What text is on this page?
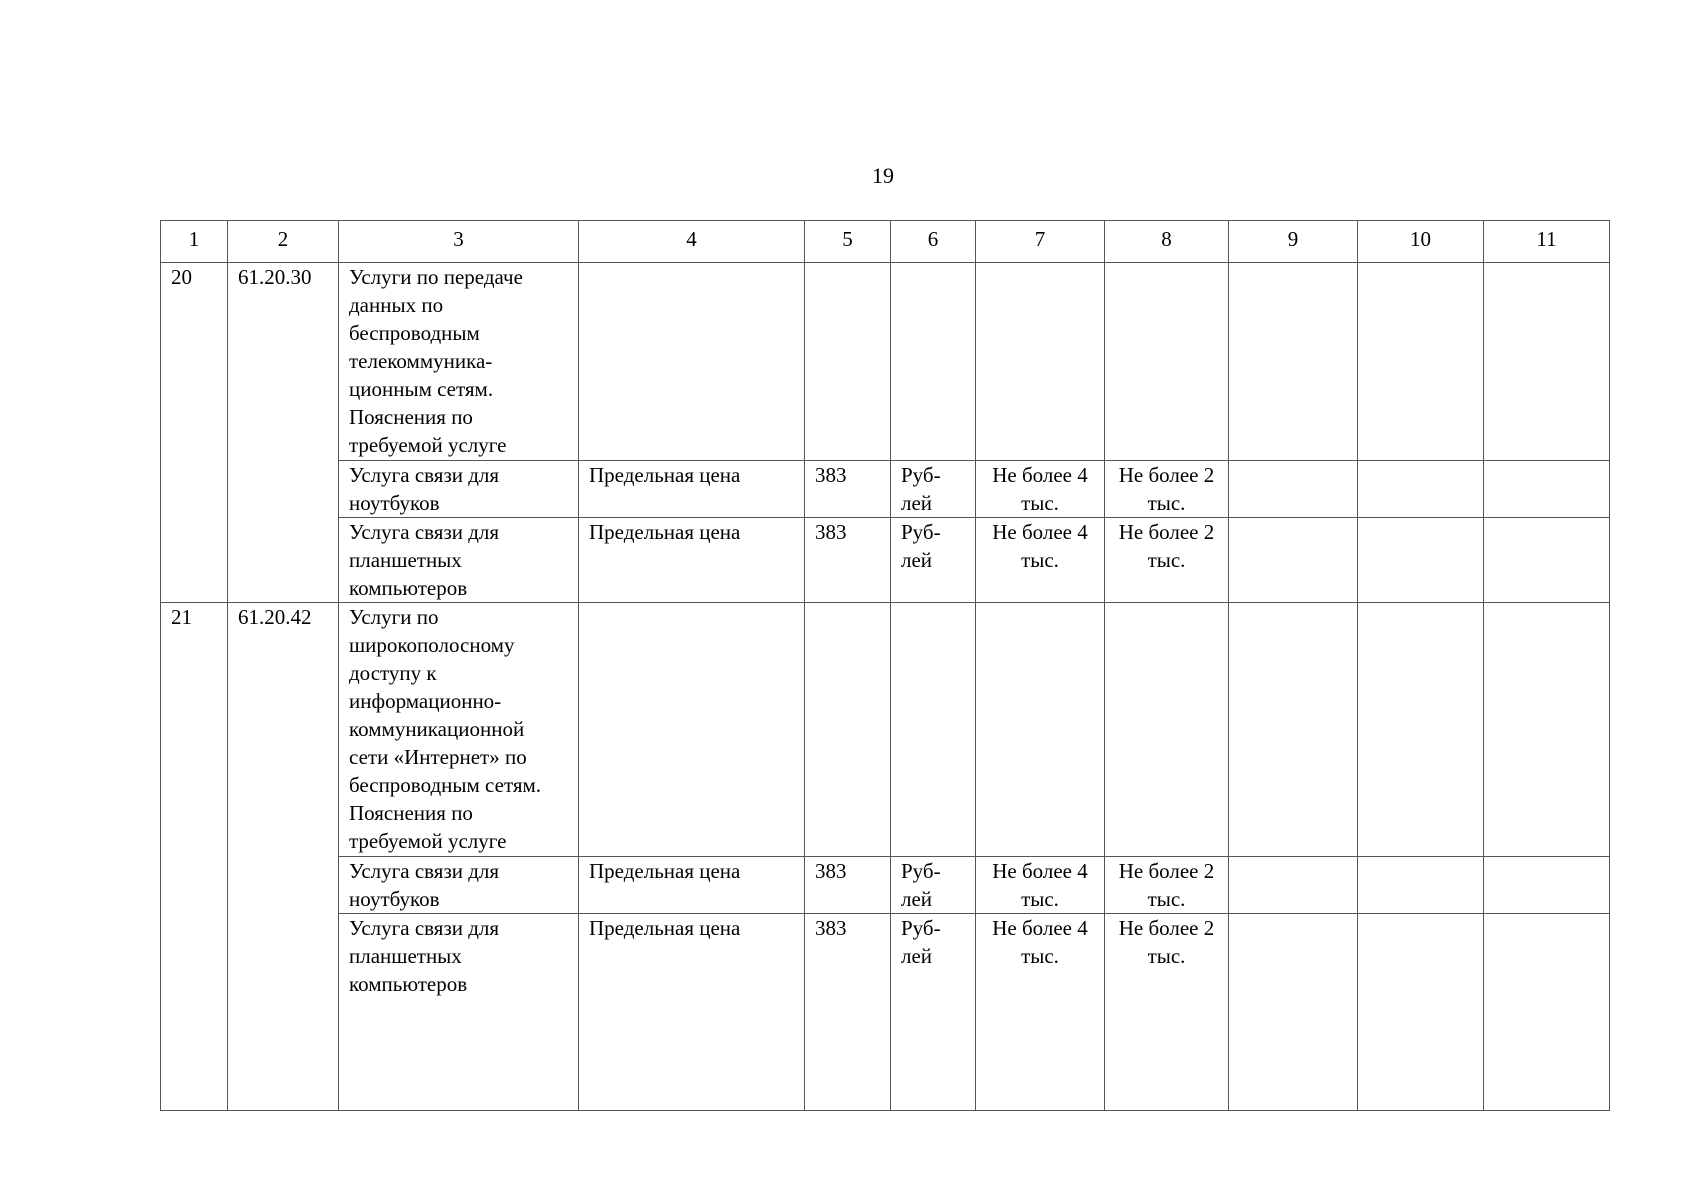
19
1	2	3	4	5	6	7	8	9	10	11
20	61.20.30	Услуги по передаче данных по беспроводным телекоммуника-ционным сетям. Пояснения по требуемой услуге								
		Услуга связи для ноутбуков	Предельная цена	383	Руб-лей	Не более 4 тыс.	Не более 2 тыс.			
		Услуга связи для планшетных компьютеров	Предельная цена	383	Руб-лей	Не более 4 тыс.	Не более 2 тыс.			
21	61.20.42	Услуги по широкополосному доступу к информационно-коммуникационной сети «Интернет» по беспроводным сетям. Пояснения по требуемой услуге								
		Услуга связи для ноутбуков	Предельная цена	383	Руб-лей	Не более 4 тыс.	Не более 2 тыс.			
		Услуга связи для планшетных компьютеров	Предельная цена	383	Руб-лей	Не более 4 тыс.	Не более 2 тыс.			
